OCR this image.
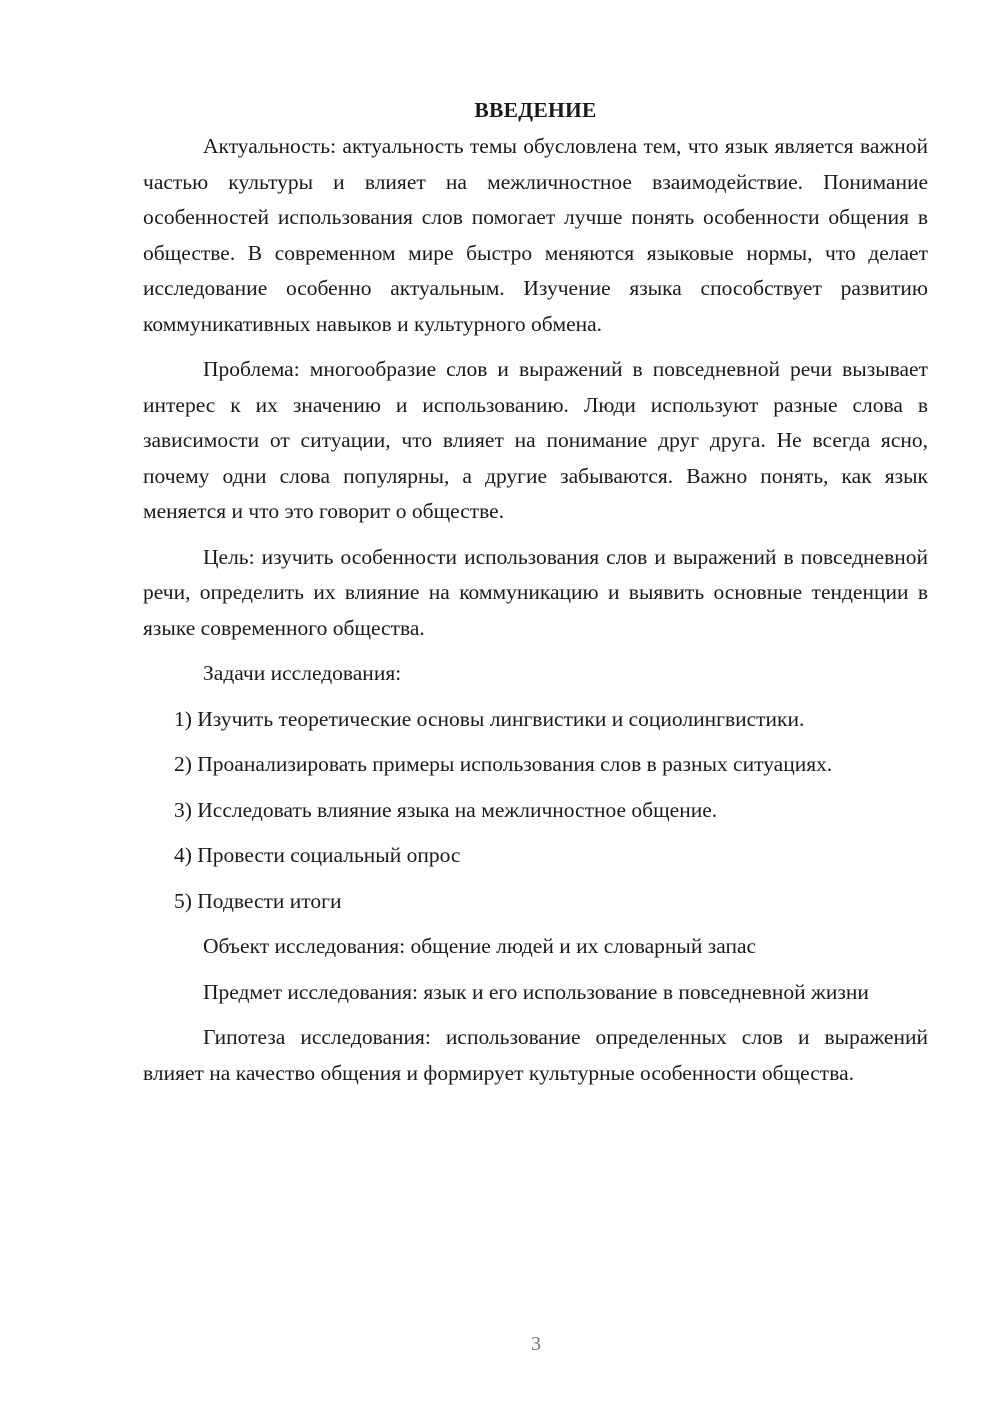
ВВЕДЕНИЕ

Актуальность: актуальность темы обусловлена тем, что язык является важной частью культуры и влияет на межличностное взаимодействие. Понимание особенностей использования слов помогает лучше понять особенности общения в обществе. В современном мире быстро меняются языковые нормы, что делает исследование особенно актуальным. Изучение языка способствует развитию коммуникативных навыков и культурного обмена.

Проблема: многообразие слов и выражений в повседневной речи вызывает интерес к их значению и использованию. Люди используют разные слова в зависимости от ситуации, что влияет на понимание друг друга. Не всегда ясно, почему одни слова популярны, а другие забываются. Важно понять, как язык меняется и что это говорит о обществе.

Цель: изучить особенности использования слов и выражений в повседневной речи, определить их влияние на коммуникацию и выявить основные тенденции в языке современного общества.

Задачи исследования:

1) Изучить теоретические основы лингвистики и социолингвистики.

2) Проанализировать примеры использования слов в разных ситуациях.

3) Исследовать влияние языка на межличностное общение.

4) Провести социальный опрос

5) Подвести итоги

Объект исследования: общение людей и их словарный запас

Предмет исследования: язык и его использование в повседневной жизни

Гипотеза исследования: использование определенных слов и выражений влияет на качество общения и формирует культурные особенности общества.

3
